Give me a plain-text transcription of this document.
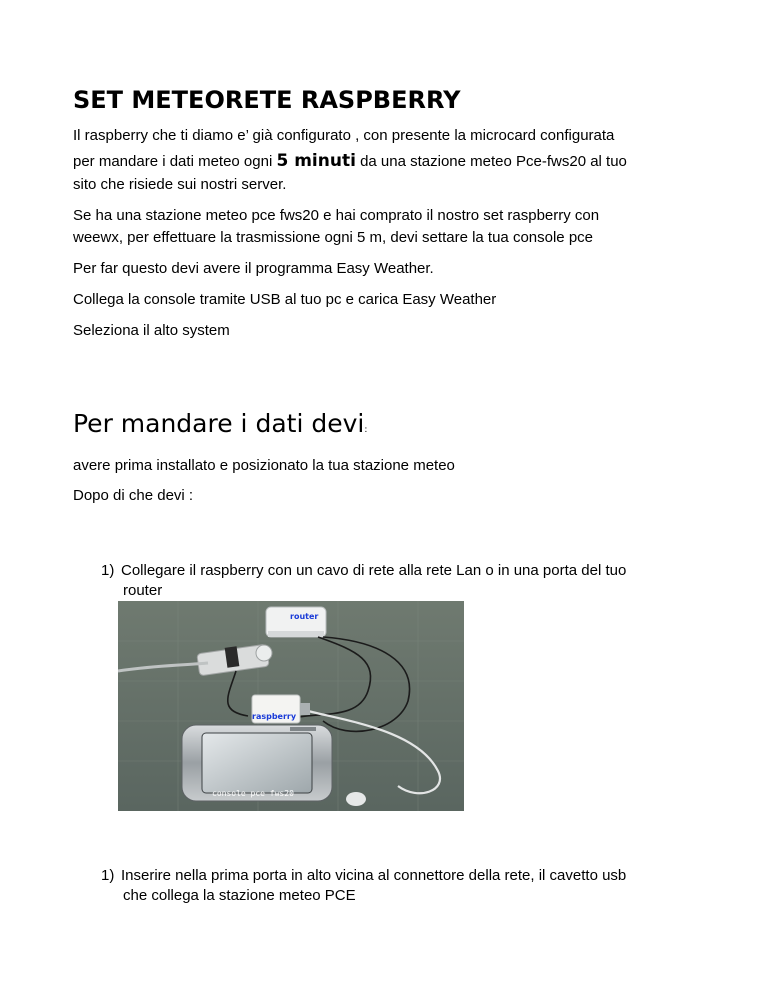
SET METEORETE RASPBERRY
Il raspberry che ti diamo e’ già configurato , con presente la microcard configurata
per mandare i dati meteo ogni 5 minuti da una stazione meteo Pce-fws20 al tuo
sito che risiede sui nostri server.
Se ha una stazione meteo pce fws20 e hai comprato il nostro set raspberry con
weewx, per effettuare la trasmissione ogni 5 m, devi settare la tua console pce
Per far questo devi avere il programma Easy Weather.
Collega la console tramite USB al tuo pc e carica Easy Weather
Seleziona il alto system
Per mandare i dati devi:
avere prima installato e posizionato la tua stazione meteo
Dopo di che devi :
1) Collegare il raspberry con un cavo di rete alla rete Lan o in una porta del tuo
router
router
raspberry
console pce fws20
1) Inserire nella prima porta in alto vicina al connettore della rete, il cavetto usb
che collega la stazione meteo PCE
